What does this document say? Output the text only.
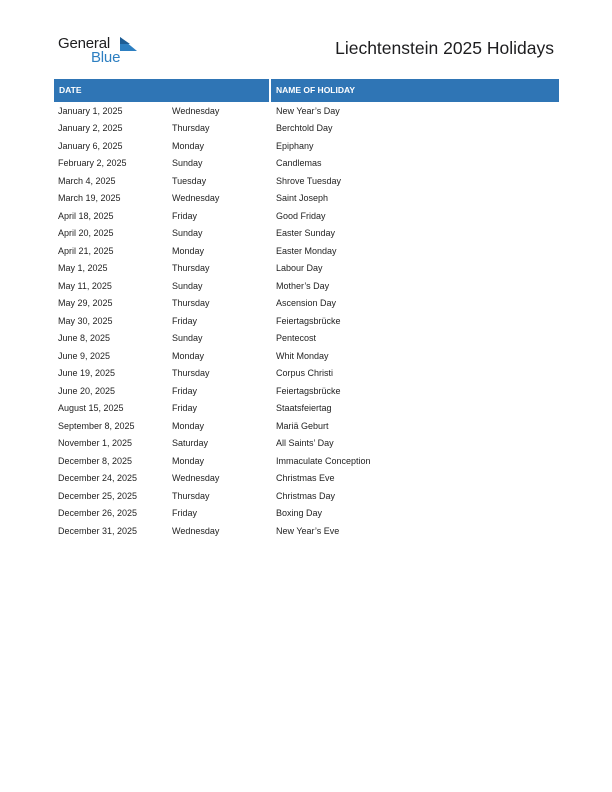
General
Blue	Liechtenstein 2025 Holidays
DATE	NAME OF HOLIDAY
January 1, 2025	Wednesday	New Year’s Day
January 2, 2025	Thursday	Berchtold Day
January 6, 2025	Monday	Epiphany
February 2, 2025	Sunday	Candlemas
March 4, 2025	Tuesday	Shrove Tuesday
March 19, 2025	Wednesday	Saint Joseph
April 18, 2025	Friday	Good Friday
April 20, 2025	Sunday	Easter Sunday
April 21, 2025	Monday	Easter Monday
May 1, 2025	Thursday	Labour Day
May 11, 2025	Sunday	Mother’s Day
May 29, 2025	Thursday	Ascension Day
May 30, 2025	Friday	Feiertagsbrücke
June 8, 2025	Sunday	Pentecost
June 9, 2025	Monday	Whit Monday
June 19, 2025	Thursday	Corpus Christi
June 20, 2025	Friday	Feiertagsbrücke
August 15, 2025	Friday	Staatsfeiertag
September 8, 2025	Monday	Mariä Geburt
November 1, 2025	Saturday	All Saints’ Day
December 8, 2025	Monday	Immaculate Conception
December 24, 2025	Wednesday	Christmas Eve
December 25, 2025	Thursday	Christmas Day
December 26, 2025	Friday	Boxing Day
December 31, 2025	Wednesday	New Year’s Eve
